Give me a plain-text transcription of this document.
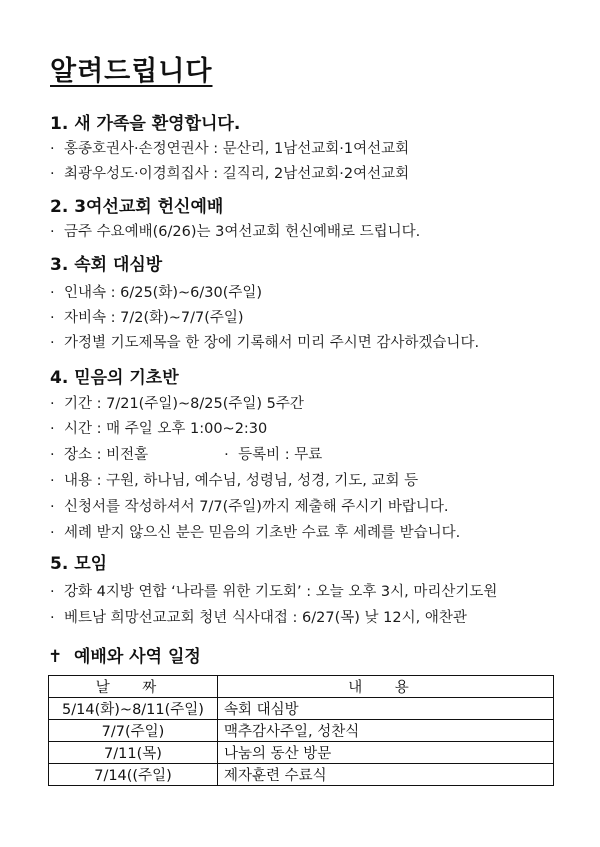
알려드립니다
1. 새 가족을 환영합니다.
· 홍종호권사·손정연권사 : 문산리, 1남선교회·1여선교회
· 최광우성도·이경희집사 : 길직리, 2남선교회·2여선교회
2. 3여선교회 헌신예배
· 금주 수요예배(6/26)는 3여선교회 헌신예배로 드립니다.
3. 속회 대심방
· 인내속 : 6/25(화)~6/30(주일)
· 자비속 : 7/2(화)~7/7(주일)
· 가정별 기도제목을 한 장에 기록해서 미리 주시면 감사하겠습니다.
4. 믿음의 기초반
· 기간 : 7/21(주일)~8/25(주일) 5주간
· 시간 : 매 주일 오후 1:00~2:30
· 장소 : 비전홀	· 등록비 : 무료
· 내용 : 구원, 하나님, 예수님, 성령님, 성경, 기도, 교회 등
· 신청서를 작성하셔서 7/7(주일)까지 제출해 주시기 바랍니다.
· 세례 받지 않으신 분은 믿음의 기초반 수료 후 세례를 받습니다.
5. 모임
· 강화 4지방 연합 ‘나라를 위한 기도회’ : 오늘 오후 3시, 마리산기도원
· 베트남 희망선교교회 청년 식사대접 : 6/27(목) 낮 12시, 애찬관
✝ 예배와 사역 일정
날 짜	내 용
5/14(화)~8/11(주일)	속회 대심방
7/7(주일)	맥추감사주일, 성찬식
7/11(목)	나눔의 동산 방문
7/14((주일)	제자훈련 수료식
